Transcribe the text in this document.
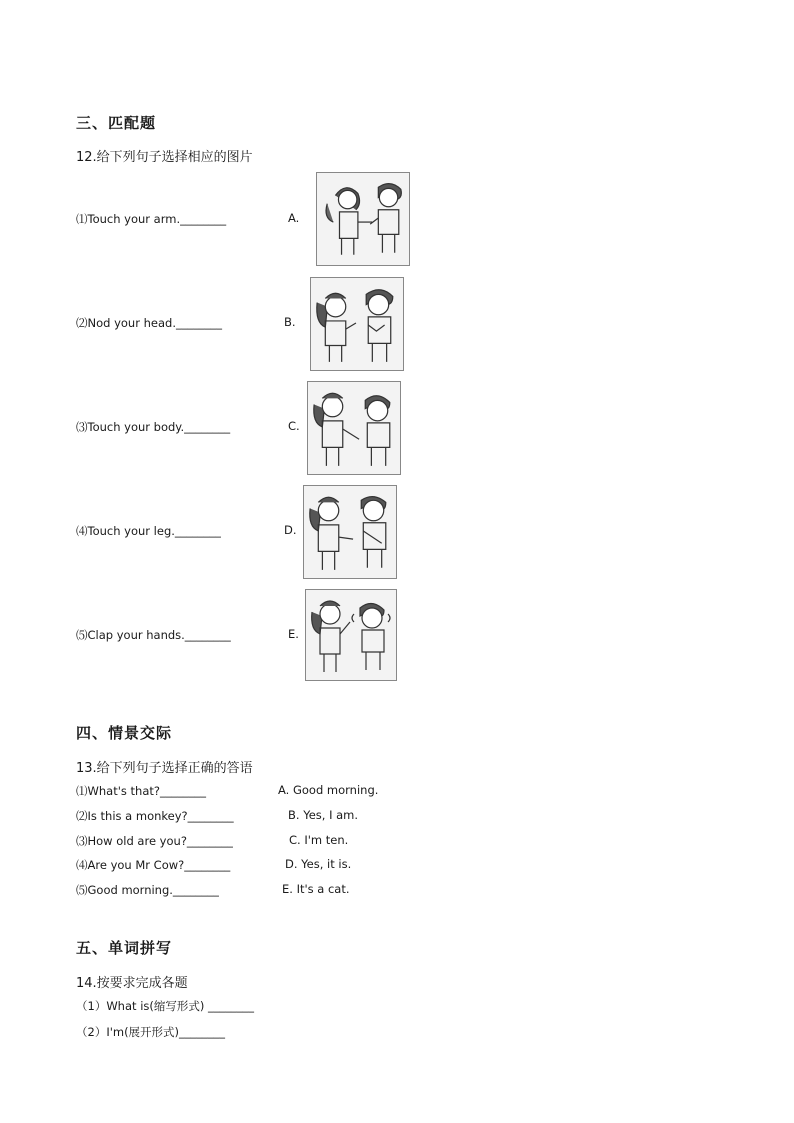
三、匹配题
12.给下列句子选择相应的图片
⑴Touch your arm.________	A.
⑵Nod your head.________	B.
⑶Touch your body.________	C.
⑷Touch your leg.________	D.
⑸Clap your hands.________	E.
四、情景交际
13.给下列句子选择正确的答语
⑴What's that?________	A. Good morning.
⑵Is this a monkey?________	B. Yes, I am.
⑶How old are you?________	C. I'm ten.
⑷Are you Mr Cow?________	D. Yes, it is.
⑸Good morning.________	E. It's a cat.
五、单词拼写
14.按要求完成各题
（1）What is(缩写形式) ________
（2）I'm(展开形式)________
